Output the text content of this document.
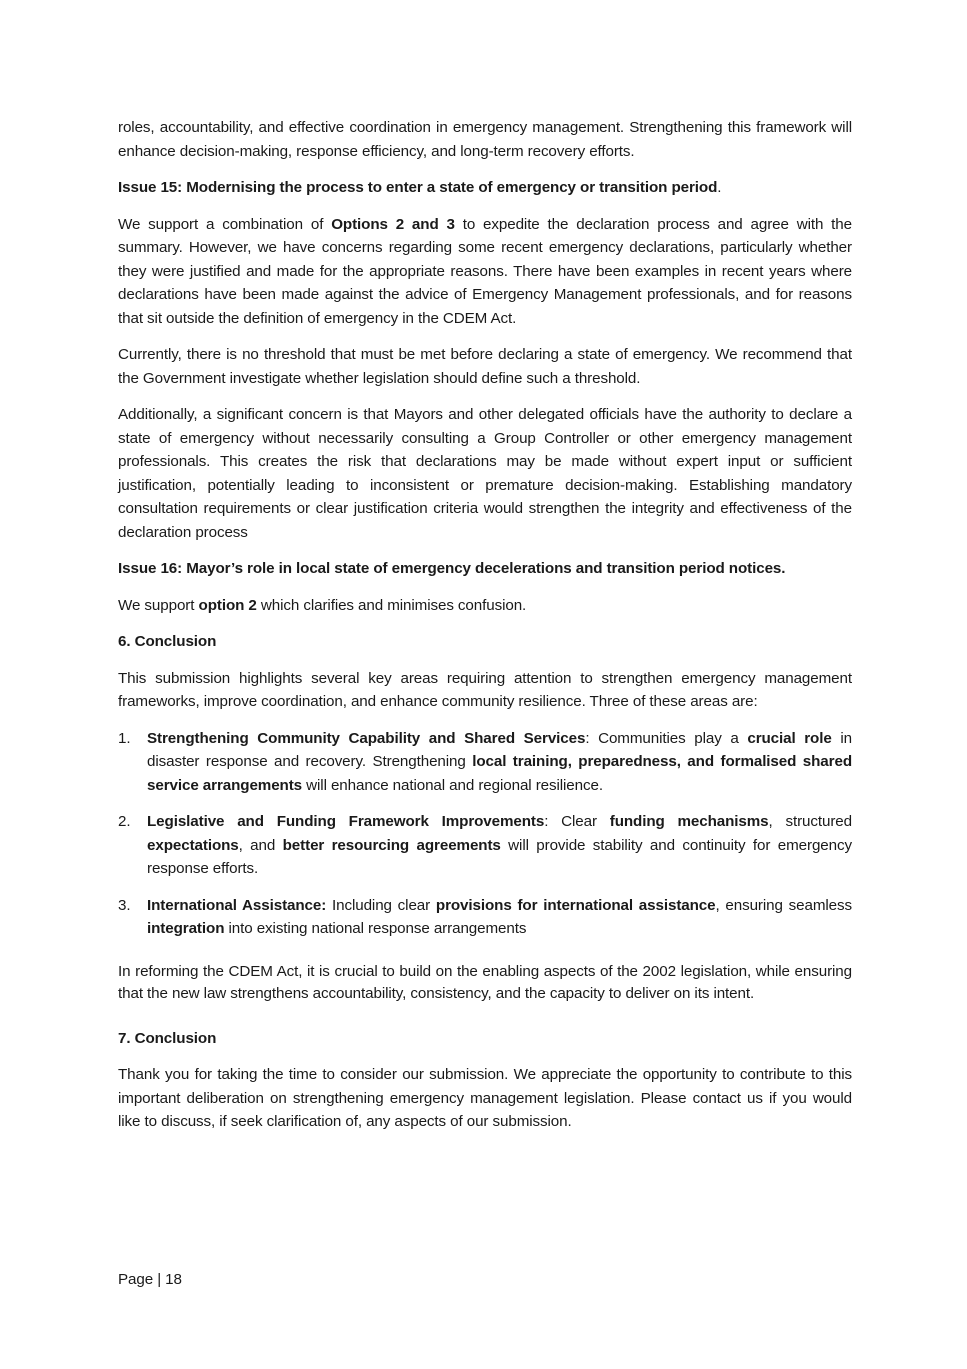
roles, accountability, and effective coordination in emergency management. Strengthening this framework will enhance decision-making, response efficiency, and long-term recovery efforts.

Issue 15: Modernising the process to enter a state of emergency or transition period.

We support a combination of Options 2 and 3 to expedite the declaration process and agree with the summary. However, we have concerns regarding some recent emergency declarations, particularly whether they were justified and made for the appropriate reasons. There have been examples in recent years where declarations have been made against the advice of Emergency Management professionals, and for reasons that sit outside the definition of emergency in the CDEM Act.

Currently, there is no threshold that must be met before declaring a state of emergency. We recommend that the Government investigate whether legislation should define such a threshold.

Additionally, a significant concern is that Mayors and other delegated officials have the authority to declare a state of emergency without necessarily consulting a Group Controller or other emergency management professionals. This creates the risk that declarations may be made without expert input or sufficient justification, potentially leading to inconsistent or premature decision-making. Establishing mandatory consultation requirements or clear justification criteria would strengthen the integrity and effectiveness of the declaration process

Issue 16: Mayor’s role in local state of emergency decelerations and transition period notices.

We support option 2 which clarifies and minimises confusion.

6. Conclusion

This submission highlights several key areas requiring attention to strengthen emergency management frameworks, improve coordination, and enhance community resilience. Three of these areas are:

1. Strengthening Community Capability and Shared Services: Communities play a crucial role in disaster response and recovery. Strengthening local training, preparedness, and formalised shared service arrangements will enhance national and regional resilience.
2. Legislative and Funding Framework Improvements: Clear funding mechanisms, structured expectations, and better resourcing agreements will provide stability and continuity for emergency response efforts.
3. International Assistance: Including clear provisions for international assistance, ensuring seamless integration into existing national response arrangements

In reforming the CDEM Act, it is crucial to build on the enabling aspects of the 2002 legislation, while ensuring that the new law strengthens accountability, consistency, and the capacity to deliver on its intent.

7. Conclusion

Thank you for taking the time to consider our submission. We appreciate the opportunity to contribute to this important deliberation on strengthening emergency management legislation. Please contact us if you would like to discuss, if seek clarification of, any aspects of our submission.

Page | 18
